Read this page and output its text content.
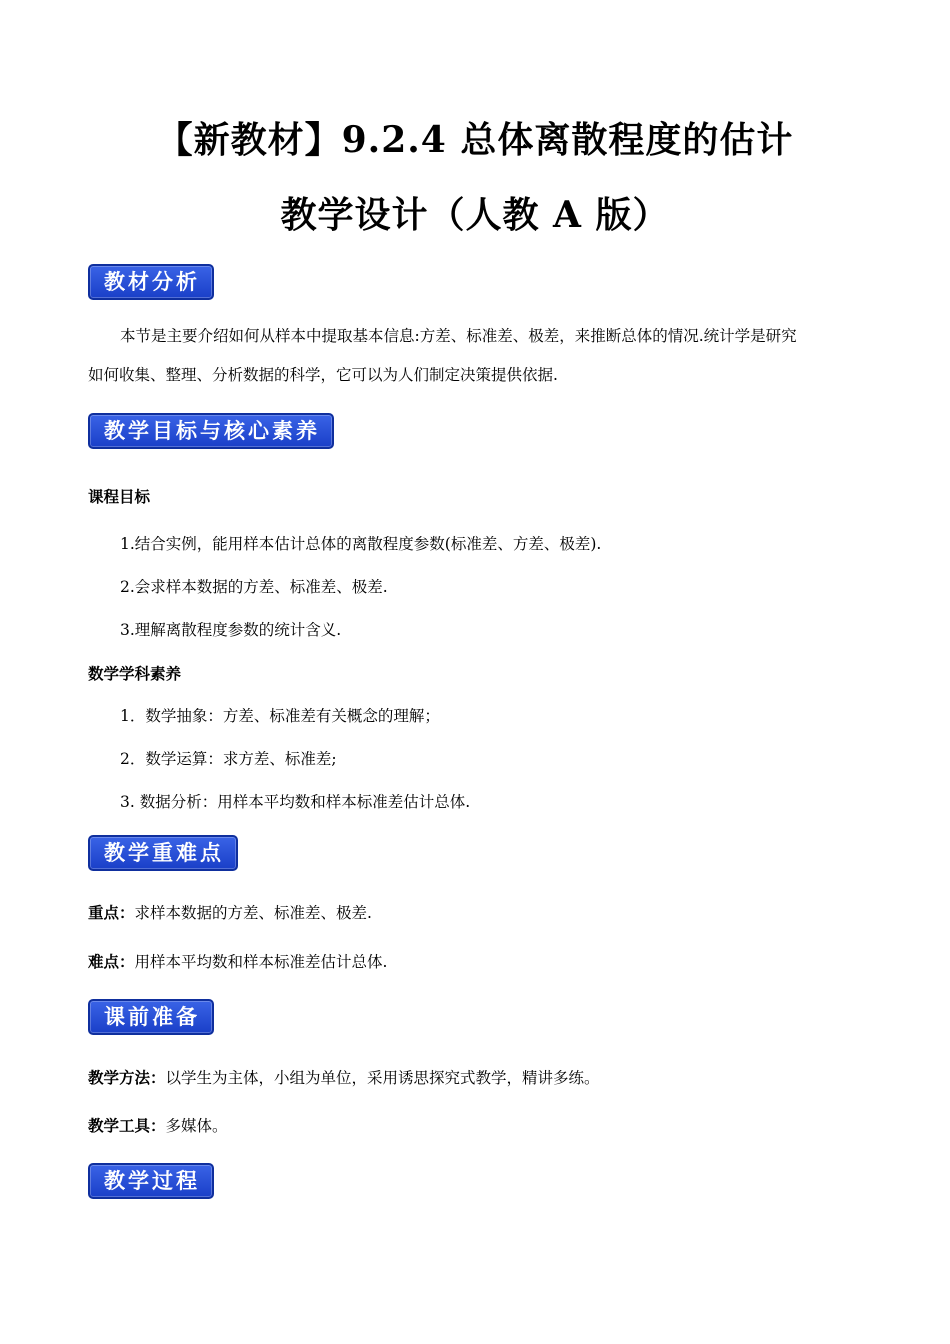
【新教材】9.2.4 总体离散程度的估计
教学设计（人教 A 版）
教材分析
本节是主要介绍如何从样本中提取基本信息:方差、标准差、极差，来推断总体的情况.统计学是研究
如何收集、整理、分析数据的科学，它可以为人们制定决策提供依据.
教学目标与核心素养
课程目标
1.结合实例，能用样本估计总体的离散程度参数(标准差、方差、极差).
2.会求样本数据的方差、标准差、极差.
3.理解离散程度参数的统计含义.
数学学科素养
1．数学抽象：方差、标准差有关概念的理解；
2．数学运算：求方差、标准差;
3. 数据分析：用样本平均数和样本标准差估计总体.
教学重难点
重点：求样本数据的方差、标准差、极差.
难点：用样本平均数和样本标准差估计总体.
课前准备
教学方法：以学生为主体，小组为单位，采用诱思探究式教学，精讲多练。
教学工具：多媒体。
教学过程
